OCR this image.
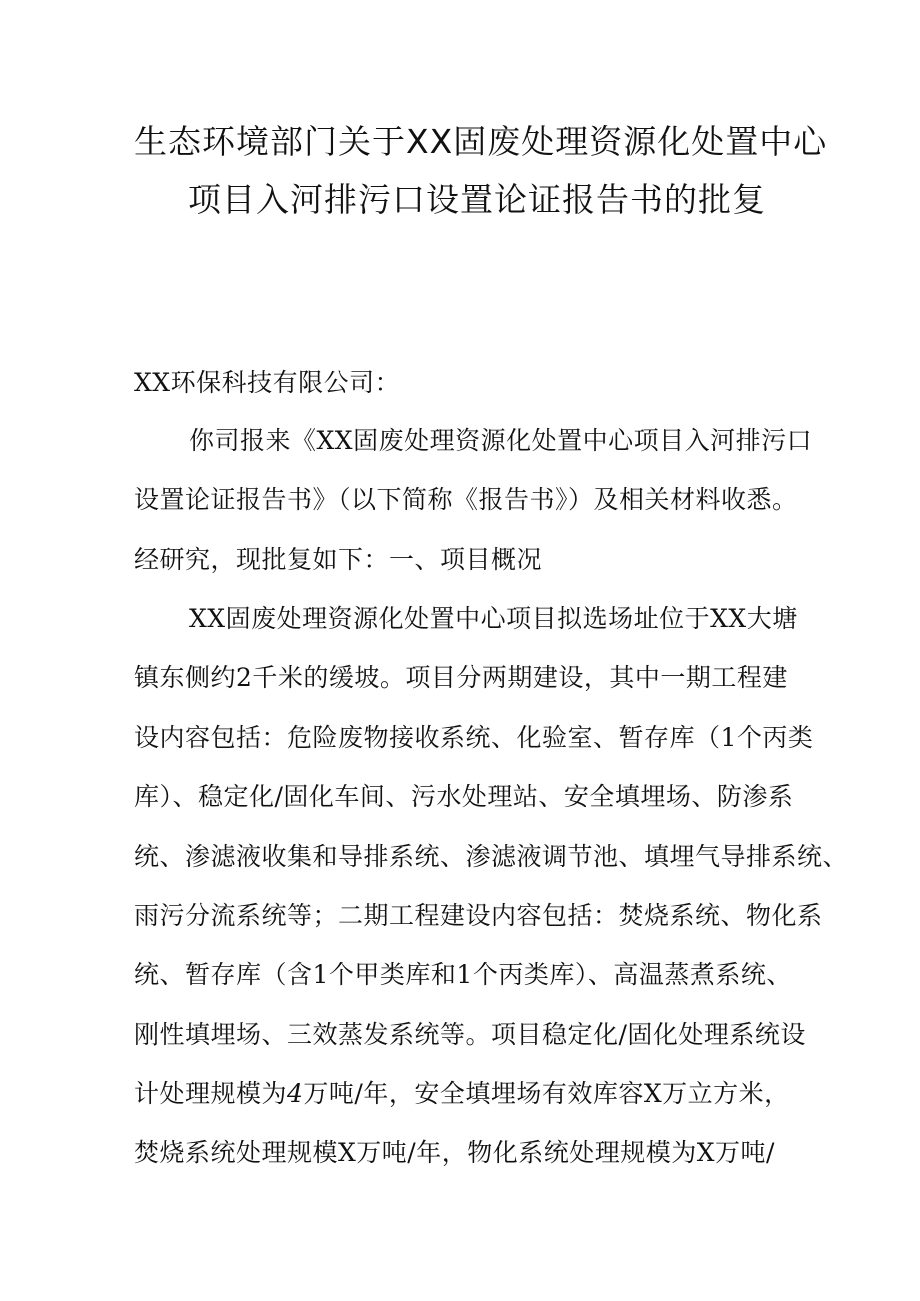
生态环境部门关于XX固废处理资源化处置中心
项目入河排污口设置论证报告书的批复
XX环保科技有限公司：
你司报来《XX固废处理资源化处置中心项目入河排污口
设置论证报告书》（以下简称《报告书》）及相关材料收悉。
经研究，现批复如下：一、项目概况
XX固废处理资源化处置中心项目拟选场址位于XX大塘
镇东侧约2千米的缓坡。项目分两期建设，其中一期工程建
设内容包括：危险废物接收系统、化验室、暂存库（1个丙类
库）、稳定化/固化车间、污水处理站、安全填埋场、防渗系
统、渗滤液收集和导排系统、渗滤液调节池、填埋气导排系统、
雨污分流系统等；二期工程建设内容包括：焚烧系统、物化系
统、暂存库（含1个甲类库和1个丙类库）、高温蒸煮系统、
刚性填埋场、三效蒸发系统等。项目稳定化/固化处理系统设
计处理规模为4万吨/年，安全填埋场有效库容X万立方米，
焚烧系统处理规模X万吨/年，物化系统处理规模为X万吨/
